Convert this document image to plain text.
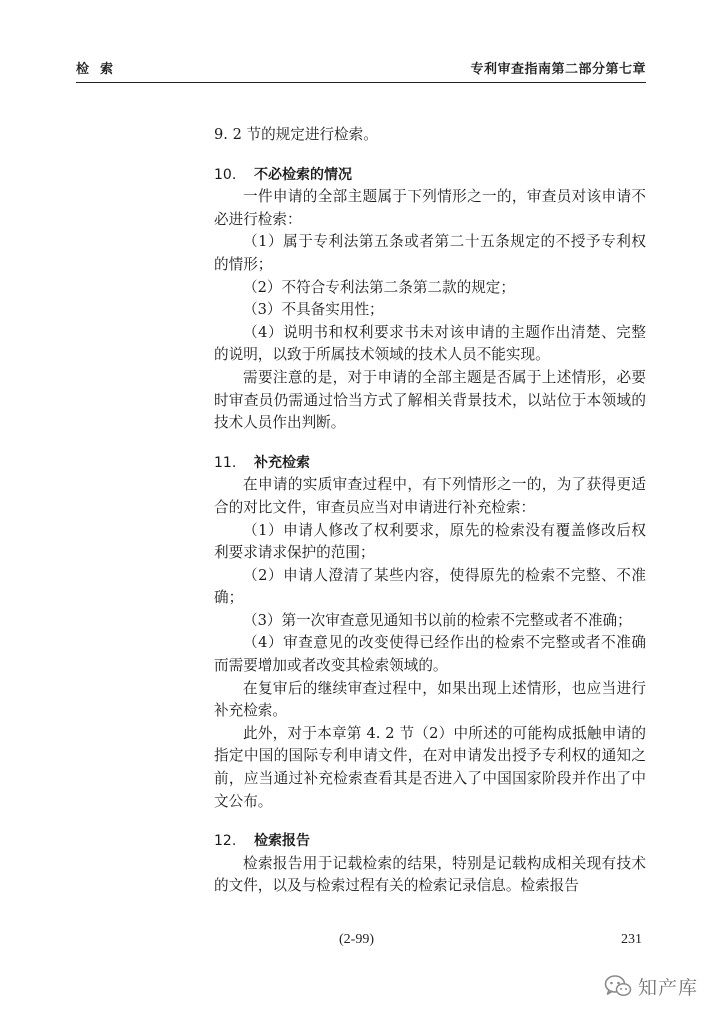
检索	专利审查指南第二部分第七章

9. 2 节的规定进行检索。

10. 不必检索的情况

一件申请的全部主题属于下列情形之一的，审查员对该申请不必进行检索：

（1）属于专利法第五条或者第二十五条规定的不授予专利权的情形；

（2）不符合专利法第二条第二款的规定；

（3）不具备实用性；

（4）说明书和权利要求书未对该申请的主题作出清楚、完整的说明，以致于所属技术领域的技术人员不能实现。

需要注意的是，对于申请的全部主题是否属于上述情形，必要时审查员仍需通过恰当方式了解相关背景技术，以站位于本领域的技术人员作出判断。

11. 补充检索

在申请的实质审查过程中，有下列情形之一的，为了获得更适合的对比文件，审查员应当对申请进行补充检索：

（1）申请人修改了权利要求，原先的检索没有覆盖修改后权利要求请求保护的范围；

（2）申请人澄清了某些内容，使得原先的检索不完整、不准确；

（3）第一次审查意见通知书以前的检索不完整或者不准确；

（4）审查意见的改变使得已经作出的检索不完整或者不准确而需要增加或者改变其检索领域的。

在复审后的继续审查过程中，如果出现上述情形，也应当进行补充检索。

此外，对于本章第 4. 2 节（2）中所述的可能构成抵触申请的指定中国的国际专利申请文件，在对申请发出授予专利权的通知之前，应当通过补充检索查看其是否进入了中国国家阶段并作出了中文公布。

12. 检索报告

检索报告用于记载检索的结果，特别是记载构成相关现有技术的文件，以及与检索过程有关的检索记录信息。检索报告

(2-99)	231
知产库
